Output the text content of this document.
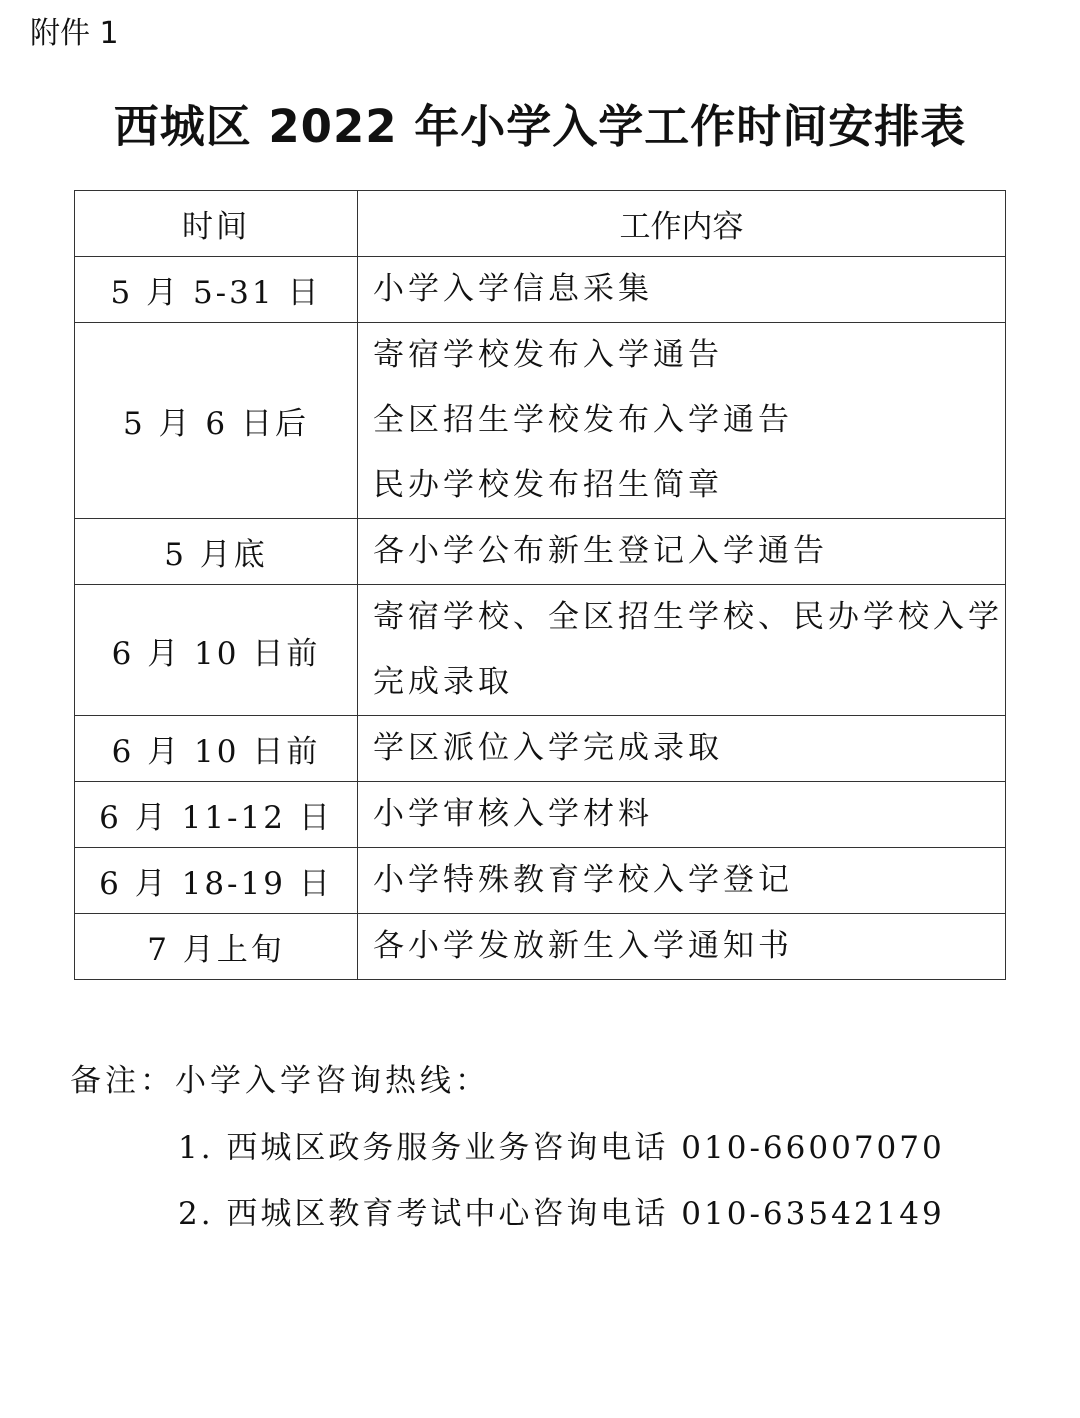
附件 1
西城区 2022 年小学入学工作时间安排表
时间	工作内容
5 月 5-31 日	小学入学信息采集

5 月 6 日后	寄宿学校发布入学通告
全区招生学校发布入学通告
民办学校发布招生简章

5 月底	各小学公布新生登记入学通告

6 月 10 日前	寄宿学校、全区招生学校、民办学校入学
完成录取

6 月 10 日前	学区派位入学完成录取

6 月 11-12 日	小学审核入学材料

6 月 18-19 日	小学特殊教育学校入学登记

7 月上旬	各小学发放新生入学通知书
备注：小学入学咨询热线：
1. 西城区政务服务业务咨询电话 010-66007070
2. 西城区教育考试中心咨询电话 010-63542149
